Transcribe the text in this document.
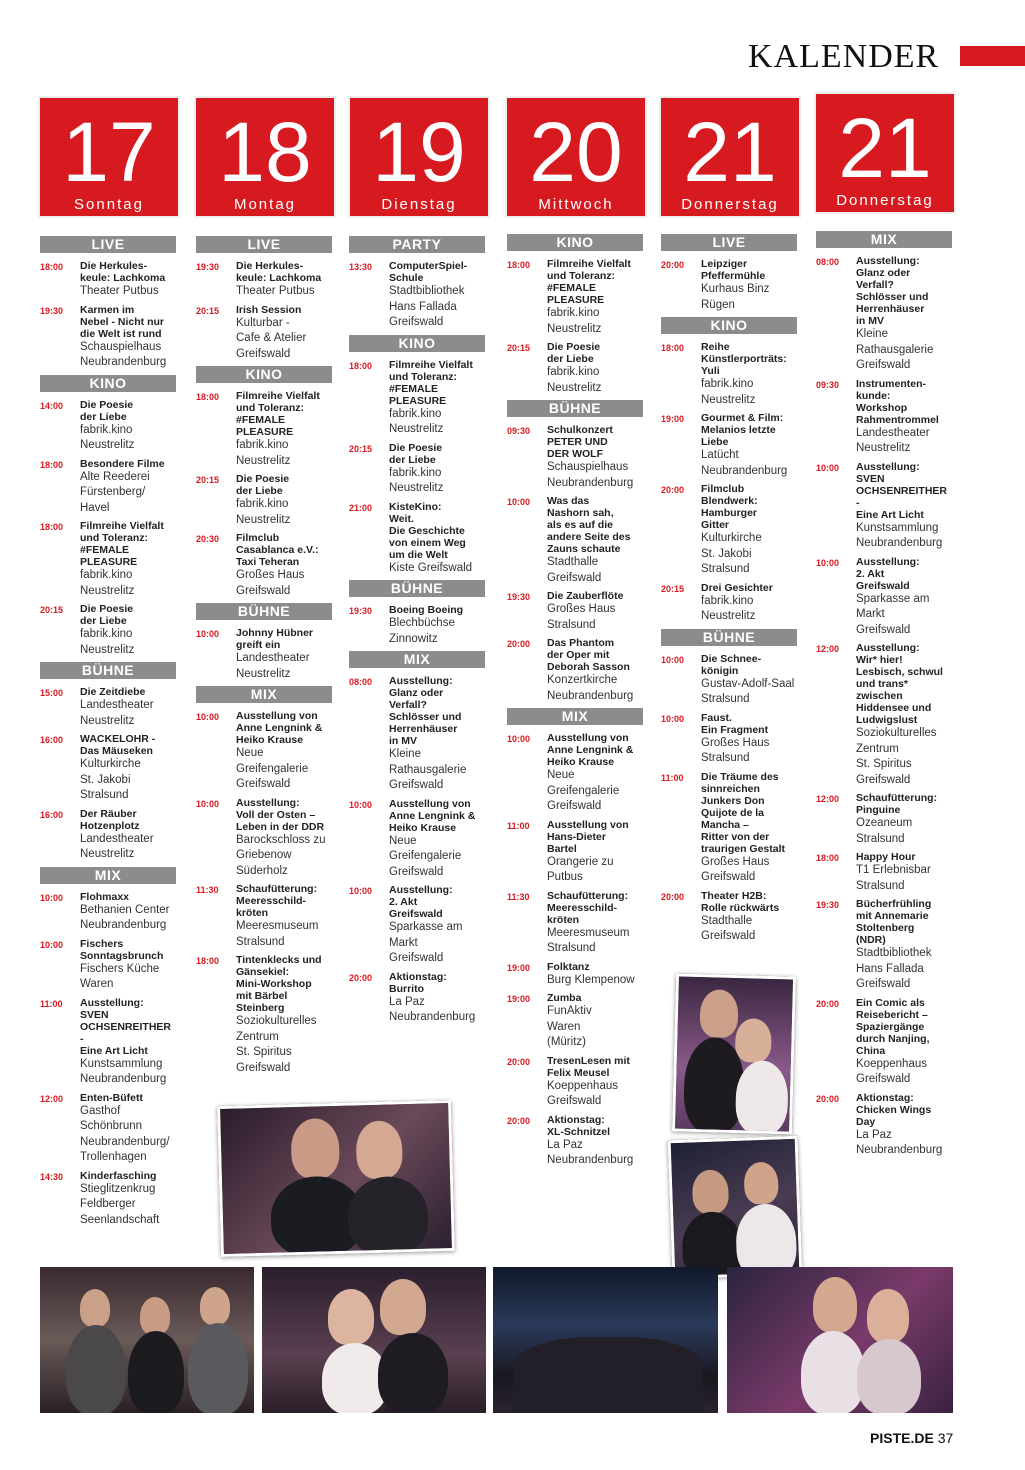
KALENDER
17
Sonntag
18
Montag
19
Dienstag
20
Mittwoch
21
Donnerstag
21
Donnerstag
LIVE
18:00	Die Herkules-
keule: Lachkoma
Theater Putbus
19:30	Karmen im
Nebel - Nicht nur
die Welt ist rund
Schauspielhaus
Neubrandenburg
KINO
14:00	Die Poesie
der Liebe
fabrik.kino
Neustrelitz
18:00	Besondere Filme
Alte Reederei
Fürstenberg/
Havel
18:00	Filmreihe Vielfalt
und Toleranz:
#FEMALE
PLEASURE
fabrik.kino
Neustrelitz
20:15	Die Poesie
der Liebe
fabrik.kino
Neustrelitz
BÜHNE
15:00	Die Zeitdiebe
Landestheater
Neustrelitz
16:00	WACKELOHR -
Das Mäuseken
Kulturkirche
St. Jakobi
Stralsund
16:00	Der Räuber
Hotzenplotz
Landestheater
Neustrelitz
MIX
10:00	Flohmaxx
Bethanien Center
Neubrandenburg
10:00	Fischers
Sonntagsbrunch
Fischers Küche
Waren
11:00	Ausstellung:
SVEN
OCHSENREITHER -
Eine Art Licht
Kunstsammlung
Neubrandenburg
12:00	Enten-Büfett
Gasthof
Schönbrunn
Neubrandenburg/
Trollenhagen
14:30	Kinderfasching
Stieglitzenkrug
Feldberger
Seenlandschaft
LIVE
19:30	Die Herkules-
keule: Lachkoma
Theater Putbus
20:15	Irish Session
Kulturbar -
Cafe & Atelier
Greifswald
KINO
18:00	Filmreihe Vielfalt
und Toleranz:
#FEMALE
PLEASURE
fabrik.kino
Neustrelitz
20:15	Die Poesie
der Liebe
fabrik.kino
Neustrelitz
20:30	Filmclub
Casablanca e.V.:
Taxi Teheran
Großes Haus
Greifswald
BÜHNE
10:00	Johnny Hübner
greift ein
Landestheater
Neustrelitz
MIX
10:00	Ausstellung von
Anne Lengnink &
Heiko Krause
Neue
Greifengalerie
Greifswald
10:00	Ausstellung:
Voll der Osten –
Leben in der DDR
Barockschloss zu
Griebenow
Süderholz
11:30	Schaufütterung:
Meeresschild-
kröten
Meeresmuseum
Stralsund
18:00	Tintenklecks und
Gänsekiel:
Mini-Workshop
mit Bärbel
Steinberg
Soziokulturelles
Zentrum
St. Spiritus
Greifswald
PARTY
13:30	ComputerSpiel-
Schule
Stadtbibliothek
Hans Fallada
Greifswald
KINO
18:00	Filmreihe Vielfalt
und Toleranz:
#FEMALE
PLEASURE
fabrik.kino
Neustrelitz
20:15	Die Poesie
der Liebe
fabrik.kino
Neustrelitz
21:00	KisteKino:
Weit.
Die Geschichte
von einem Weg
um die Welt
Kiste Greifswald
BÜHNE
19:30	Boeing Boeing
Blechbüchse
Zinnowitz
MIX
08:00	Ausstellung:
Glanz oder
Verfall?
Schlösser und
Herrenhäuser
in MV
Kleine
Rathausgalerie
Greifswald
10:00	Ausstellung von
Anne Lengnink &
Heiko Krause
Neue
Greifengalerie
Greifswald
10:00	Ausstellung:
2. Akt
Greifswald
Sparkasse am
Markt
Greifswald
20:00	Aktionstag:
Burrito
La Paz
Neubrandenburg
KINO
18:00	Filmreihe Vielfalt
und Toleranz:
#FEMALE
PLEASURE
fabrik.kino
Neustrelitz
20:15	Die Poesie
der Liebe
fabrik.kino
Neustrelitz
BÜHNE
09:30	Schulkonzert
PETER UND
DER WOLF
Schauspielhaus
Neubrandenburg
10:00	Was das
Nashorn sah,
als es auf die
andere Seite des
Zauns schaute
Stadthalle
Greifswald
19:30	Die Zauberflöte
Großes Haus
Stralsund
20:00	Das Phantom
der Oper mit
Deborah Sasson
Konzertkirche
Neubrandenburg
MIX
10:00	Ausstellung von
Anne Lengnink &
Heiko Krause
Neue
Greifengalerie
Greifswald
11:00	Ausstellung von
Hans-Dieter
Bartel
Orangerie zu
Putbus
11:30	Schaufütterung:
Meeresschild-
kröten
Meeresmuseum
Stralsund
19:00	Folktanz
Burg Klempenow
19:00	Zumba
FunAktiv
Waren
(Müritz)
20:00	TresenLesen mit
Felix Meusel
Koeppenhaus
Greifswald
20:00	Aktionstag:
XL-Schnitzel
La Paz
Neubrandenburg
LIVE
20:00	Leipziger
Pfeffermühle
Kurhaus Binz
Rügen
KINO
18:00	Reihe
Künstlerporträts:
Yuli
fabrik.kino
Neustrelitz
19:00	Gourmet & Film:
Melanios letzte
Liebe
Latücht
Neubrandenburg
20:00	Filmclub
Blendwerk:
Hamburger
Gitter
Kulturkirche
St. Jakobi
Stralsund
20:15	Drei Gesichter
fabrik.kino
Neustrelitz
BÜHNE
10:00	Die Schnee-
königin
Gustav-Adolf-Saal
Stralsund
10:00	Faust.
Ein Fragment
Großes Haus
Stralsund
11:00	Die Träume des
sinnreichen
Junkers Don
Quijote de la
Mancha –
Ritter von der
traurigen Gestalt
Großes Haus
Greifswald
20:00	Theater H2B:
Rolle rückwärts
Stadthalle
Greifswald
MIX
08:00	Ausstellung:
Glanz oder
Verfall?
Schlösser und
Herrenhäuser
in MV
Kleine
Rathausgalerie
Greifswald
09:30	Instrumenten-
kunde:
Workshop
Rahmentrommel
Landestheater
Neustrelitz
10:00	Ausstellung:
SVEN
OCHSENREITHER -
Eine Art Licht
Kunstsammlung
Neubrandenburg
10:00	Ausstellung:
2. Akt
Greifswald
Sparkasse am
Markt
Greifswald
12:00	Ausstellung:
Wir* hier!
Lesbisch, schwul
und trans*
zwischen
Hiddensee und
Ludwigslust
Soziokulturelles
Zentrum
St. Spiritus
Greifswald
12:00	Schaufütterung:
Pinguine
Ozeaneum
Stralsund
18:00	Happy Hour
T1 Erlebnisbar
Stralsund
19:30	Bücherfrühling
mit Annemarie
Stoltenberg
(NDR)
Stadtbibliothek
Hans Fallada
Greifswald
20:00	Ein Comic als
Reisebericht –
Spaziergänge
durch Nanjing,
China
Koeppenhaus
Greifswald
20:00	Aktionstag:
Chicken Wings
Day
La Paz
Neubrandenburg
PISTE.DE 37
